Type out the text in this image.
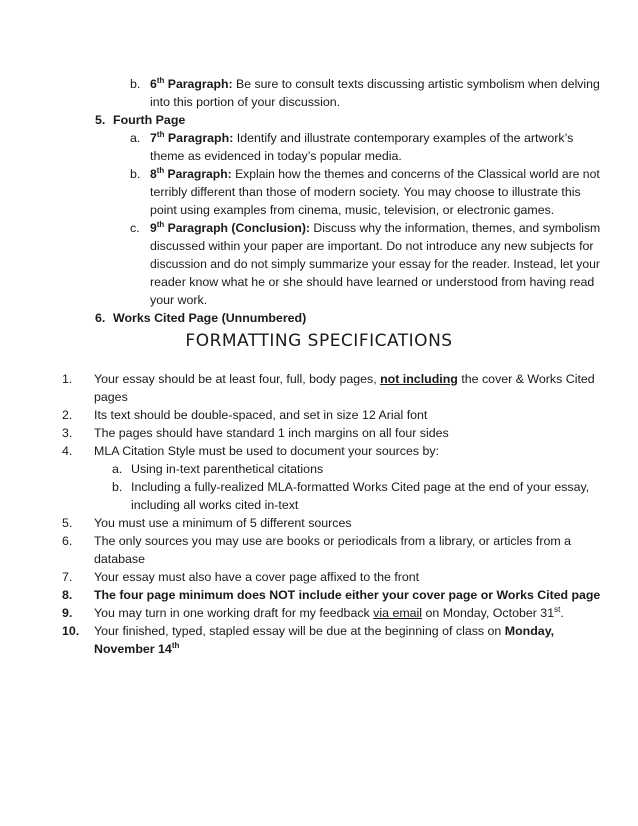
b. 6th Paragraph: Be sure to consult texts discussing artistic symbolism when delving
into this portion of your discussion.
5. Fourth Page
a. 7th Paragraph: Identify and illustrate contemporary examples of the artwork’s
theme as evidenced in today’s popular media.
b. 8th Paragraph: Explain how the themes and concerns of the Classical world are not
terribly different than those of modern society. You may choose to illustrate this
point using examples from cinema, music, television, or electronic games.
c. 9th Paragraph (Conclusion): Discuss why the information, themes, and symbolism
discussed within your paper are important. Do not introduce any new subjects for
discussion and do not simply summarize your essay for the reader. Instead, let your
reader know what he or she should have learned or understood from having read
your work.
6. Works Cited Page (Unnumbered)
FORMATTING SPECIFICATIONS
1. Your essay should be at least four, full, body pages, not including the cover & Works Cited
pages
2. Its text should be double-spaced, and set in size 12 Arial font
3. The pages should have standard 1 inch margins on all four sides
4. MLA Citation Style must be used to document your sources by:
a. Using in-text parenthetical citations
b. Including a fully-realized MLA-formatted Works Cited page at the end of your essay,
including all works cited in-text
5. You must use a minimum of 5 different sources
6. The only sources you may use are books or periodicals from a library, or articles from a
database
7. Your essay must also have a cover page affixed to the front
8. The four page minimum does NOT include either your cover page or Works Cited page
9. You may turn in one working draft for my feedback via email on Monday, October 31st.
10. Your finished, typed, stapled essay will be due at the beginning of class on Monday,
November 14th
